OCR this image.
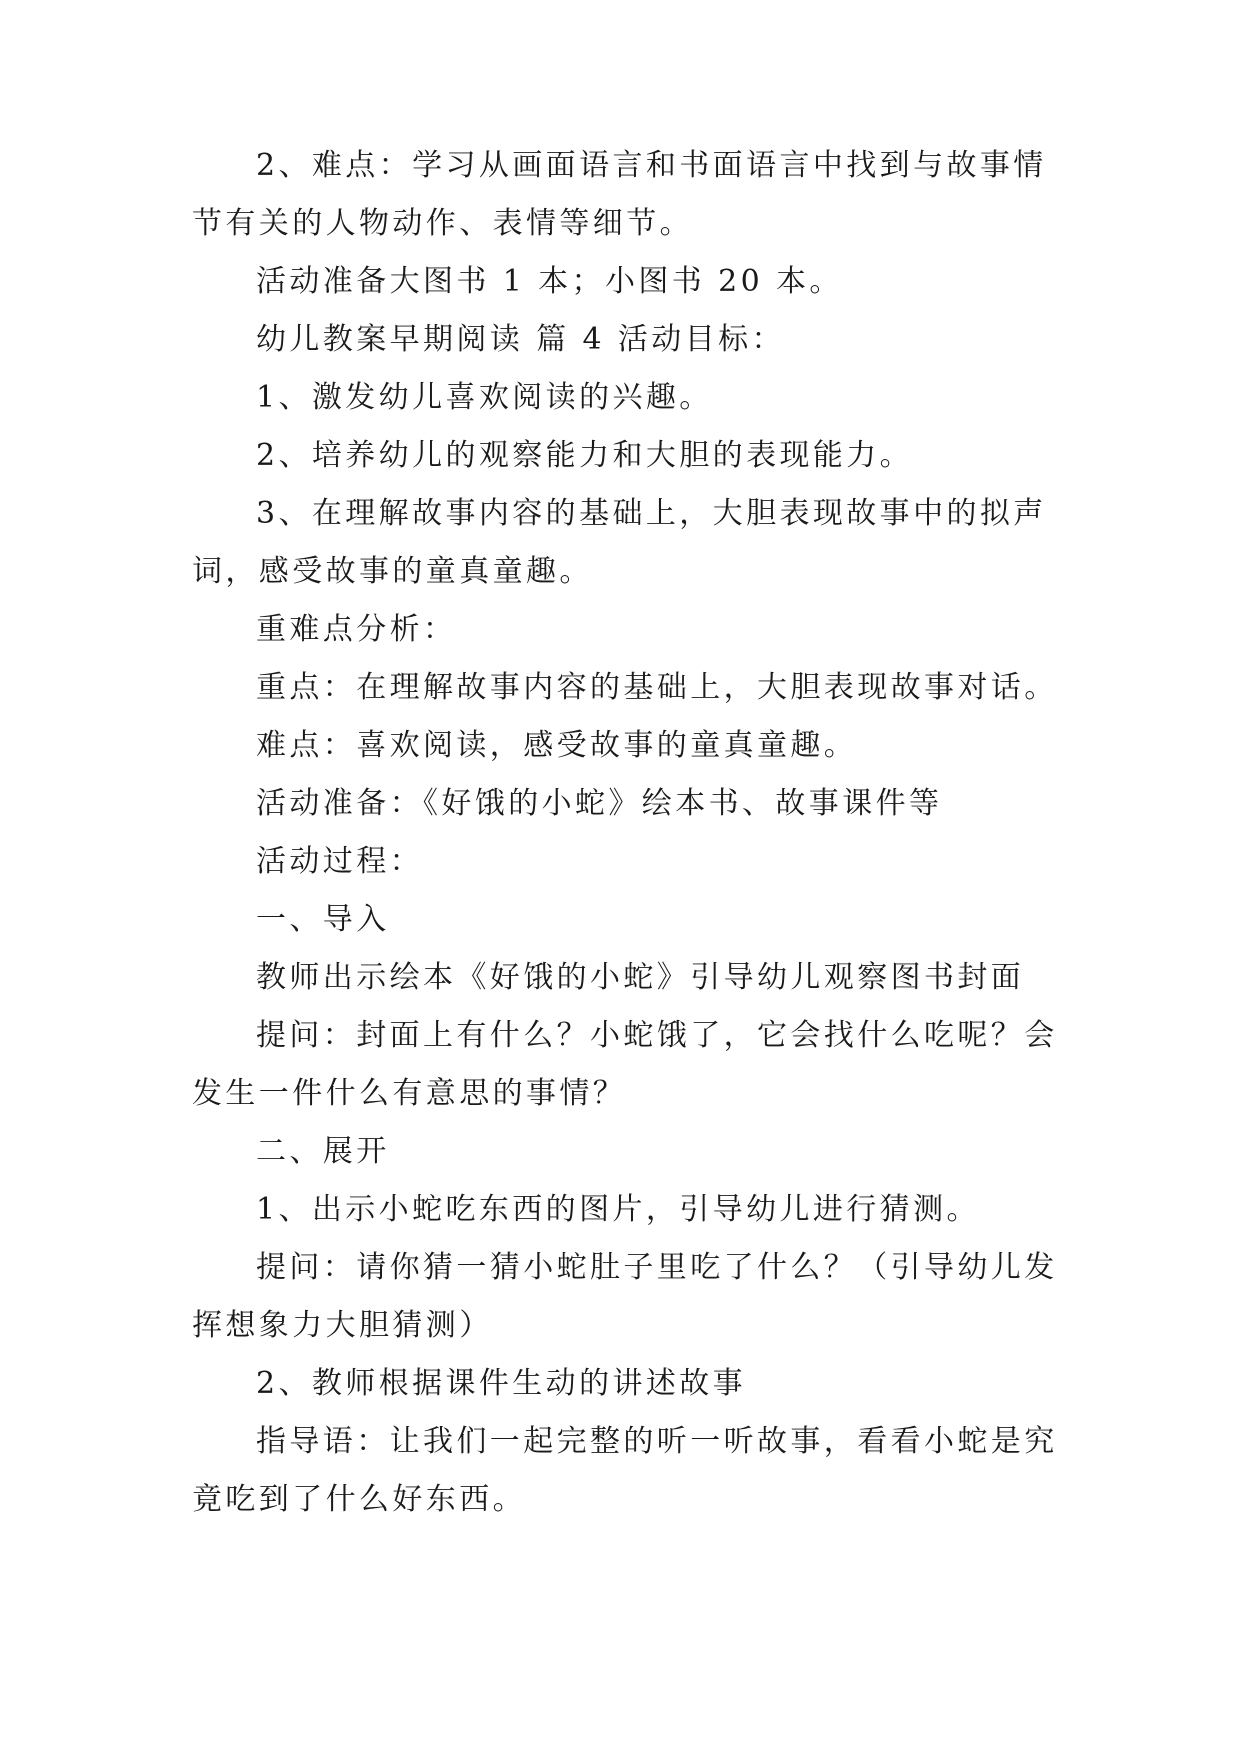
2、难点：学习从画面语言和书面语言中找到与故事情
节有关的人物动作、表情等细节。
活动准备大图书 1 本；小图书 20 本。
幼儿教案早期阅读 篇 4 活动目标：
1、激发幼儿喜欢阅读的兴趣。
2、培养幼儿的观察能力和大胆的表现能力。
3、在理解故事内容的基础上，大胆表现故事中的拟声
词，感受故事的童真童趣。
重难点分析：
重点：在理解故事内容的基础上，大胆表现故事对话。
难点：喜欢阅读，感受故事的童真童趣。
活动准备：《好饿的小蛇》绘本书、故事课件等
活动过程：
一、导入
教师出示绘本《好饿的小蛇》引导幼儿观察图书封面
提问：封面上有什么？小蛇饿了，它会找什么吃呢？会
发生一件什么有意思的事情？
二、展开
1、出示小蛇吃东西的图片，引导幼儿进行猜测。
提问：请你猜一猜小蛇肚子里吃了什么？（引导幼儿发
挥想象力大胆猜测）
2、教师根据课件生动的讲述故事
指导语：让我们一起完整的听一听故事，看看小蛇是究
竟吃到了什么好东西。
